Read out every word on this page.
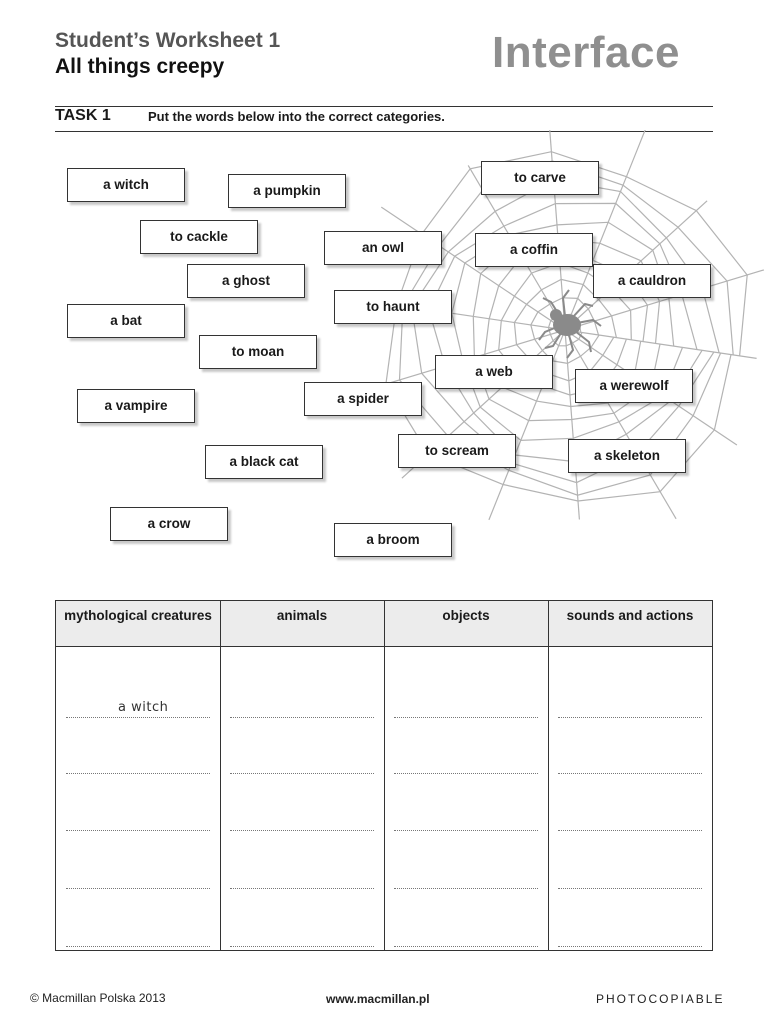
Student’s Worksheet 1
All things creepy	Interface
TASK 1	Put the words below into the correct categories.
a witch	a pumpkin
to carve
to cackle
an owl	a coffin
a ghost	a cauldron
a bat
to haunt
to moan
a web
a werewolf
a vampire	a spider
to scream	a skeleton
a black cat
a crow
a broom
mythological creatures	animals	objects	sounds and actions
a witch
© Macmillan Polska 2013	www.macmillan.pl	PHOTOCOPIABLE
